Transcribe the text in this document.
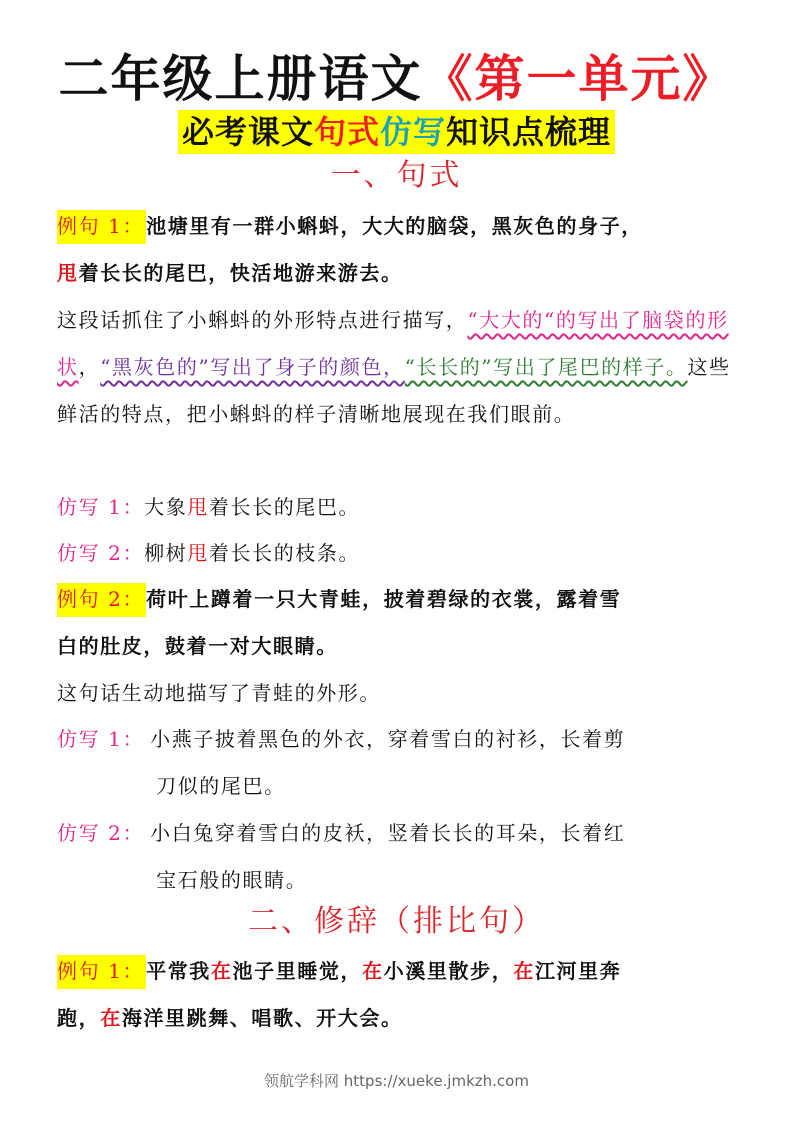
二年级上册语文《第一单元》
必考课文句式仿写知识点梳理
一、句式
例句 1： 池塘里有一群小蝌蚪，大大的脑袋，黑灰色的身子，
甩着长长的尾巴，快活地游来游去。
这段话抓住了小蝌蚪的外形特点进行描写，“大大的“的写出了脑袋的形状，“黑灰色的”写出了身子的颜色，“长长的”写出了尾巴的样子。这些鲜活的特点，把小蝌蚪的样子清晰地展现在我们眼前。
仿写 1：大象甩着长长的尾巴。
仿写 2：柳树甩着长长的枝条。
例句 2： 荷叶上蹲着一只大青蛙，披着碧绿的衣裳，露着雪
白的肚皮，鼓着一对大眼睛。
这句话生动地描写了青蛙的外形。
仿写 1： 小燕子披着黑色的外衣，穿着雪白的衬衫，长着剪
刀似的尾巴。
仿写 2： 小白兔穿着雪白的皮袄，竖着长长的耳朵，长着红
宝石般的眼睛。
二、修辞（排比句）
例句 1： 平常我在池子里睡觉，在小溪里散步，在江河里奔
跑，在海洋里跳舞、唱歌、开大会。
领航学科网 https://xueke.jmkzh.com
